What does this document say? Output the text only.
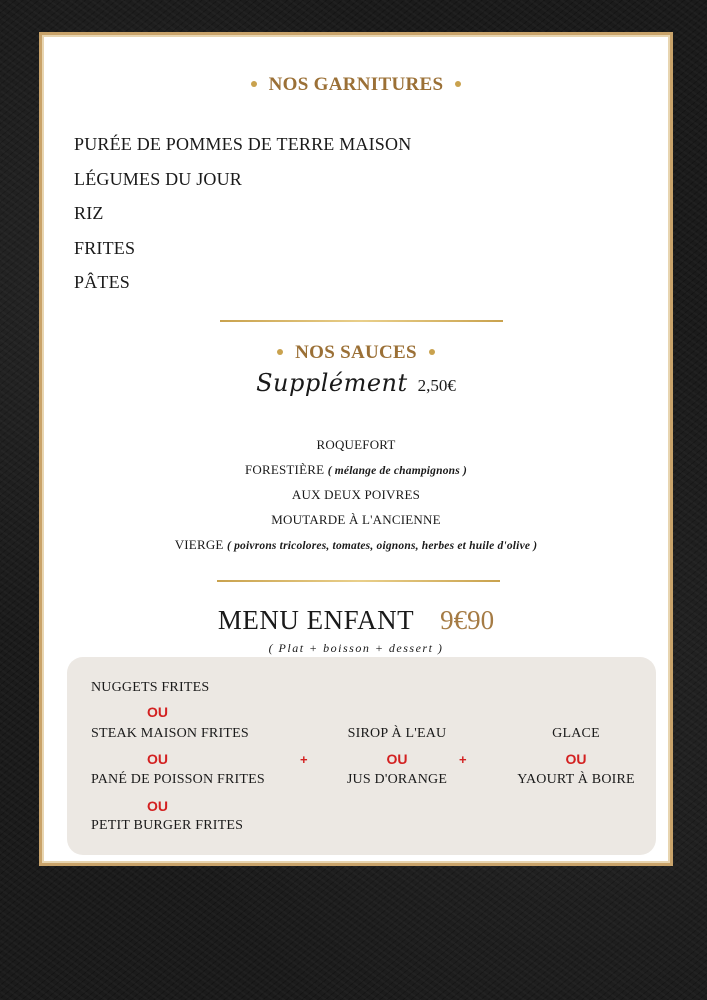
NOS GARNITURES
PURÉE DE POMMES DE TERRE MAISON
LÉGUMES DU JOUR
RIZ
FRITES
PÂTES
NOS SAUCES
Supplément 2,50€
ROQUEFORT
FORESTIÈRE ( mélange de champignons )
AUX DEUX POIVRES
MOUTARDE À L'ANCIENNE
VIERGE ( poivrons tricolores, tomates, oignons, herbes et huile d'olive )
MENU ENFANT 9€90
( Plat + boisson + dessert )
NUGGETS FRITES
OU
STEAK MAISON FRITES
OU
PANÉ DE POISSON FRITES
OU
PETIT BURGER FRITES
+	+
SIROP À L'EAU
OU
JUS D'ORANGE
GLACE
OU
YAOURT À BOIRE
